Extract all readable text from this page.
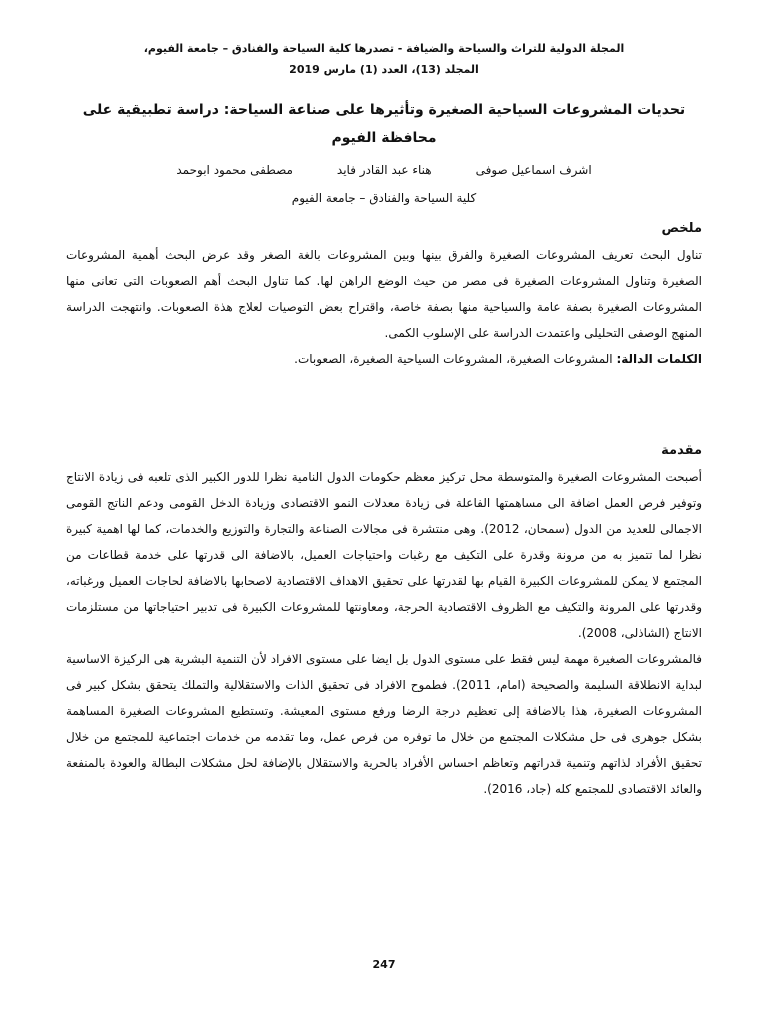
المجلة الدولية للتراث والسياحة والضيافة - تصدرها كلية السياحة والفنادق – جامعة الفيوم،
المجلد (13)، العدد (1) مارس 2019
تحديات المشروعات السياحية الصغيرة وتأثيرها على صناعة السياحة: دراسة تطبيقية على محافظة الفيوم
اشرف اسماعيل صوفى
هناء عبد القادر فايد
مصطفى محمود ابوحمد
كلية السياحة والفنادق – جامعة الفيوم

ملخص

تناول البحث تعريف المشروعات الصغيرة والفرق بينها وبين المشروعات بالغة الصغر وقد عرض البحث أهمية المشروعات الصغيرة وتناول المشروعات الصغيرة فى مصر من حيث الوضع الراهن لها. كما تناول البحث أهم الصعوبات التى تعانى منها المشروعات الصغيرة بصفة عامة والسياحية منها بصفة خاصة، واقتراح بعض التوصيات لعلاج هذة الصعوبات. وانتهجت الدراسة المنهج الوصفى التحليلى واعتمدت الدراسة على الإسلوب الكمى.

الكلمات الدالة: المشروعات الصغيرة، المشروعات السياحية الصغيرة، الصعوبات.

مقدمة

أصبحت المشروعات الصغيرة والمتوسطة محل تركيز معظم حكومات الدول النامية نظرا للدور الكبير الذى تلعبه فى زيادة الانتاج وتوفير فرص العمل اضافة الى مساهمتها الفاعلة فى زيادة معدلات النمو الاقتصادى وزيادة الدخل القومى ودعم الناتج القومى الاجمالى للعديد من الدول (سمحان، 2012). وهى منتشرة فى مجالات الصناعة والتجارة والتوزيع والخدمات، كما لها اهمية كبيرة نظرا لما تتميز به من مرونة وقدرة على التكيف مع رغبات واحتياجات العميل، بالاضافة الى قدرتها على خدمة قطاعات من المجتمع لا يمكن للمشروعات الكبيرة القيام بها لقدرتها على تحقيق الاهداف الاقتصادية لاصحابها بالاضافة لحاجات العميل ورغباته، وقدرتها على المرونة والتكيف مع الظروف الاقتصادية الحرجة، ومعاونتها للمشروعات الكبيرة فى تدبير احتياجاتها من مستلزمات الانتاج (الشاذلى، 2008).

فالمشروعات الصغيرة مهمة ليس فقط على مستوى الدول بل ايضا على مستوى الافراد لأن التنمية البشرية هى الركيزة الاساسية لبداية الانطلاقة السليمة والصحيحة (امام، 2011). فطموح الافراد فى تحقيق الذات والاستقلالية والتملك يتحقق بشكل كبير فى المشروعات الصغيرة، هذا بالاضافة إلى تعظيم درجة الرضا ورفع مستوى المعيشة. وتستطيع المشروعات الصغيرة المساهمة بشكل جوهرى فى حل مشكلات المجتمع من خلال ما توفره من فرص عمل، وما تقدمه من خدمات اجتماعية للمجتمع من خلال تحقيق الأفراد لذاتهم وتنمية قدراتهم وتعاظم احساس الأفراد بالحرية والاستقلال بالإضافة لحل مشكلات البطالة والعودة بالمنفعة والعائد الاقتصادى للمجتمع كله (جاد، 2016).

247
